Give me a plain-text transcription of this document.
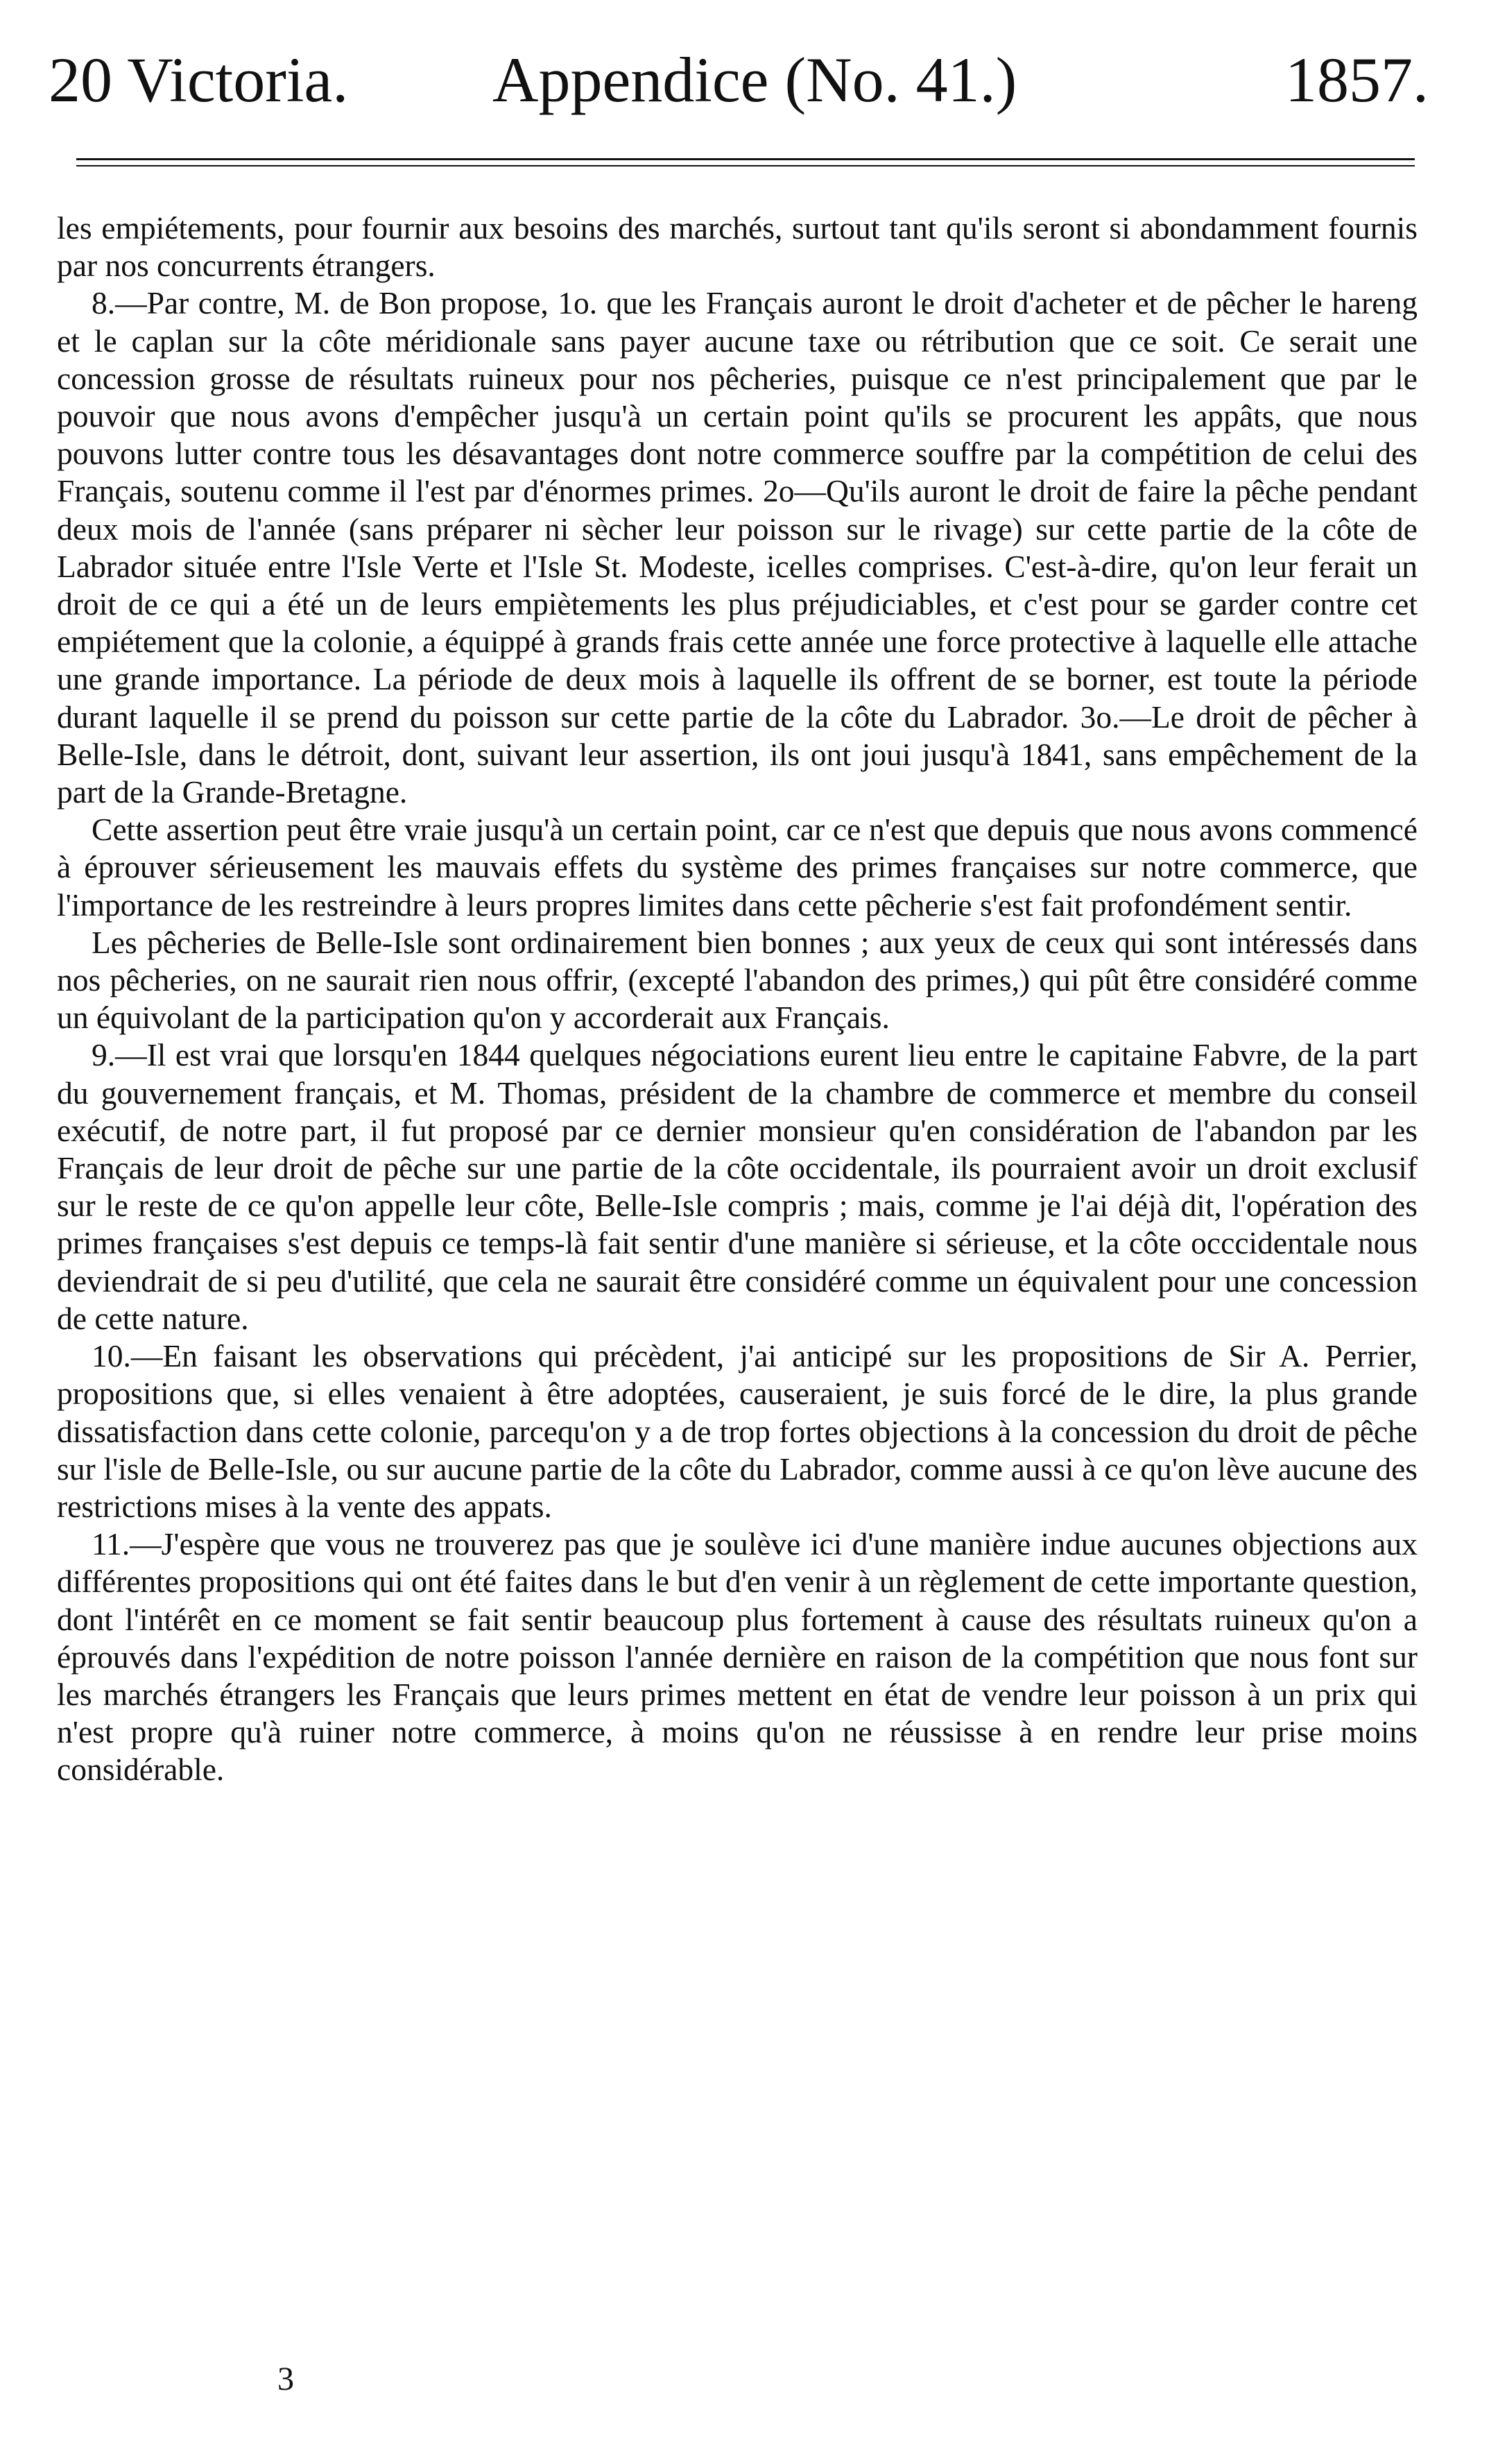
20 Victoria. Appendice (No. 41.)	1857.

les empiétements, pour fournir aux besoins des marchés, surtout tant qu'ils seront si abondamment fournis par nos concurrents étrangers.

8.—Par contre, M. de Bon propose, 1o. que les Français auront le droit d'acheter et de pêcher le hareng et le caplan sur la côte méridionale sans payer aucune taxe ou rétribution que ce soit. Ce serait une concession grosse de résultats ruineux pour nos pêcheries, puisque ce n'est principalement que par le pouvoir que nous avons d'empêcher jusqu'à un certain point qu'ils se procurent les appâts, que nous pouvons lutter contre tous les désavantages dont notre commerce souffre par la compétition de celui des Français, soutenu comme il l'est par d'énormes primes. 2o—Qu'ils auront le droit de faire la pêche pendant deux mois de l'année (sans préparer ni sècher leur poisson sur le rivage) sur cette partie de la côte de Labrador située entre l'Isle Verte et l'Isle St. Modeste, icelles comprises. C'est-à-dire, qu'on leur ferait un droit de ce qui a été un de leurs empiètements les plus préjudiciables, et c'est pour se garder contre cet empiétement que la colonie, a équippé à grands frais cette année une force protective à laquelle elle attache une grande importance. La période de deux mois à laquelle ils offrent de se borner, est toute la période durant laquelle il se prend du poisson sur cette partie de la côte du Labrador. 3o.—Le droit de pêcher à Belle-Isle, dans le détroit, dont, suivant leur assertion, ils ont joui jusqu'à 1841, sans empêchement de la part de la Grande-Bretagne.

Cette assertion peut être vraie jusqu'à un certain point, car ce n'est que depuis que nous avons commencé à éprouver sérieusement les mauvais effets du système des primes françaises sur notre commerce, que l'importance de les restreindre à leurs propres limites dans cette pêcherie s'est fait profondément sentir.

Les pêcheries de Belle-Isle sont ordinairement bien bonnes ; aux yeux de ceux qui sont intéressés dans nos pêcheries, on ne saurait rien nous offrir, (excepté l'abandon des primes,) qui pût être considéré comme un équivolant de la participation qu'on y accorderait aux Français.

9.—Il est vrai que lorsqu'en 1844 quelques négociations eurent lieu entre le capitaine Fabvre, de la part du gouvernement français, et M. Thomas, président de la chambre de commerce et membre du conseil exécutif, de notre part, il fut proposé par ce dernier monsieur qu'en considération de l'abandon par les Français de leur droit de pêche sur une partie de la côte occidentale, ils pourraient avoir un droit exclusif sur le reste de ce qu'on appelle leur côte, Belle-Isle compris ; mais, comme je l'ai déjà dit, l'opération des primes françaises s'est depuis ce temps-là fait sentir d'une manière si sérieuse, et la côte occcidentale nous deviendrait de si peu d'utilité, que cela ne saurait être considéré comme un équivalent pour une concession de cette nature.

10.—En faisant les observations qui précèdent, j'ai anticipé sur les propositions de Sir A. Perrier, propositions que, si elles venaient à être adoptées, causeraient, je suis forcé de le dire, la plus grande dissatisfaction dans cette colonie, parcequ'on y a de trop fortes objections à la concession du droit de pêche sur l'isle de Belle-Isle, ou sur aucune partie de la côte du Labrador, comme aussi à ce qu'on lève aucune des restrictions mises à la vente des appats.

11.—J'espère que vous ne trouverez pas que je soulève ici d'une manière indue aucunes objections aux différentes propositions qui ont été faites dans le but d'en venir à un règlement de cette importante question, dont l'intérêt en ce moment se fait sentir beaucoup plus fortement à cause des résultats ruineux qu'on a éprouvés dans l'expédition de notre poisson l'année dernière en raison de la compétition que nous font sur les marchés étrangers les Français que leurs primes mettent en état de vendre leur poisson à un prix qui n'est propre qu'à ruiner notre commerce, à moins qu'on ne réussisse à en rendre leur prise moins considérable.

3
